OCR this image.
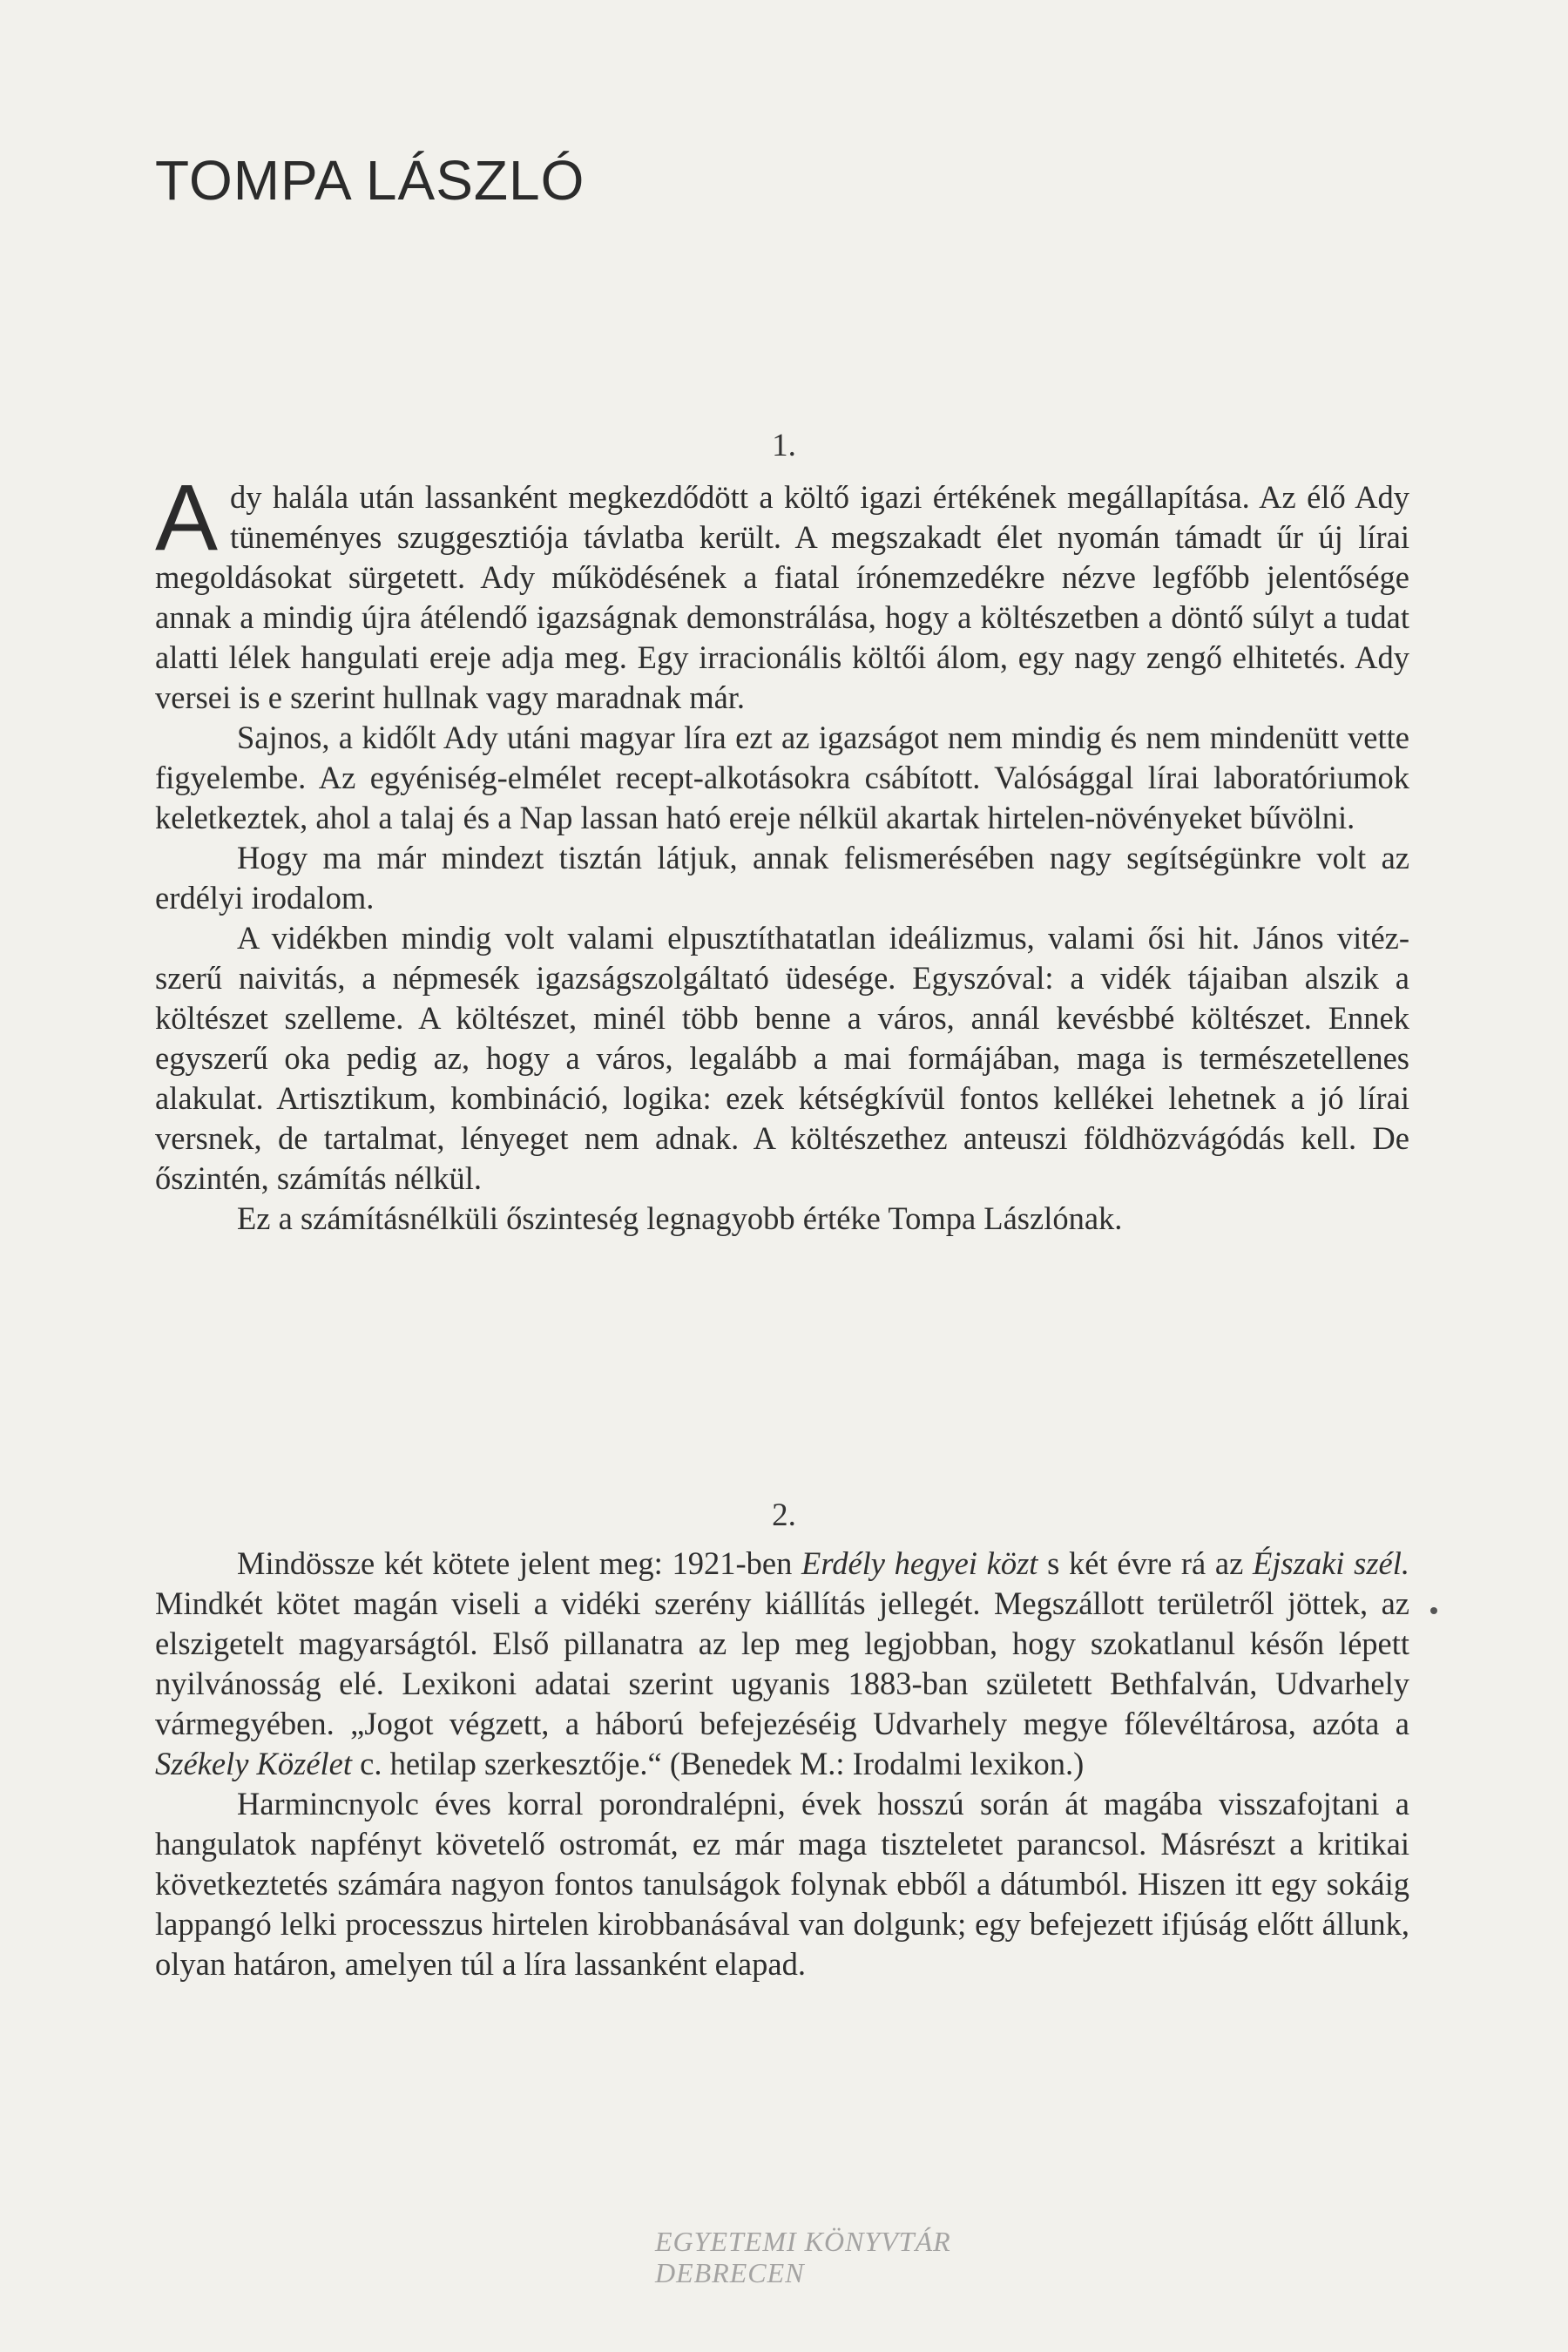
TOMPA LÁSZLÓ
1.

Ady halála után lassanként megkezdődött a költő igazi értékének megállapítása. Az élő Ady tüneményes szuggesztiója távlatba került. A megszakadt élet nyomán támadt űr új lírai megoldásokat sürgetett. Ady működésének a fiatal írónemzedékre nézve legfőbb jelentősége annak a mindig újra átélendő igazságnak demonstrálása, hogy a költészetben a döntő súlyt a tudat alatti lélek hangulati ereje adja meg. Egy irracionális költői álom, egy nagy zengő elhitetés. Ady versei is e szerint hullnak vagy maradnak már.

Sajnos, a kidőlt Ady utáni magyar líra ezt az igazságot nem mindig és nem mindenütt vette figyelembe. Az egyéniség-elmélet recept-alkotásokra csábított. Valósággal lírai laboratóriumok keletkeztek, ahol a talaj és a Nap lassan ható ereje nélkül akartak hirtelen-növényeket bűvölni.

Hogy ma már mindezt tisztán látjuk, annak felismerésében nagy segítségünkre volt az erdélyi irodalom.

A vidékben mindig volt valami elpusztíthatatlan ideálizmus, valami ősi hit. János vitéz-szerű naivitás, a népmesék igazságszolgáltató üdesége. Egyszóval: a vidék tájaiban alszik a költészet szelleme. A költészet, minél több benne a város, annál kevésbbé költészet. Ennek egyszerű oka pedig az, hogy a város, legalább a mai formájában, maga is természetellenes alakulat. Artisztikum, kombináció, logika: ezek kétségkívül fontos kellékei lehetnek a jó lírai versnek, de tartalmat, lényeget nem adnak. A költészethez anteuszi földhözvágódás kell. De őszintén, számítás nélkül.

Ez a számításnélküli őszinteség legnagyobb értéke Tompa Lászlónak.

2.

Mindössze két kötete jelent meg: 1921-ben Erdély hegyei közt s két évre rá az Éjszaki szél. Mindkét kötet magán viseli a vidéki szerény kiállítás jellegét. Megszállott területről jöttek, az elszigetelt magyarságtól. Első pillanatra az lep meg legjobban, hogy szokatlanul későn lépett nyilvánosság elé. Lexikoni adatai szerint ugyanis 1883-ban született Bethfalván, Udvarhely vármegyében. „Jogot végzett, a háború befejezéséig Udvarhely megye főlevéltárosa, azóta a Székely Közélet c. hetilap szerkesztője.“ (Benedek M.: Irodalmi lexikon.)

Harmincnyolc éves korral porondralépni, évek hosszú során át magába visszafojtani a hangulatok napfényt követelő ostromát, ez már maga tiszteletet parancsol. Másrészt a kritikai következtetés számára nagyon fontos tanulságok folynak ebből a dátumból. Hiszen itt egy sokáig lappangó lelki processzus hirtelen kirobbanásával van dolgunk; egy befejezett ifjúság előtt állunk, olyan határon, amelyen túl a líra lassanként elapad.

EGYETEMI KÖNYVTÁR
DEBRECEN
